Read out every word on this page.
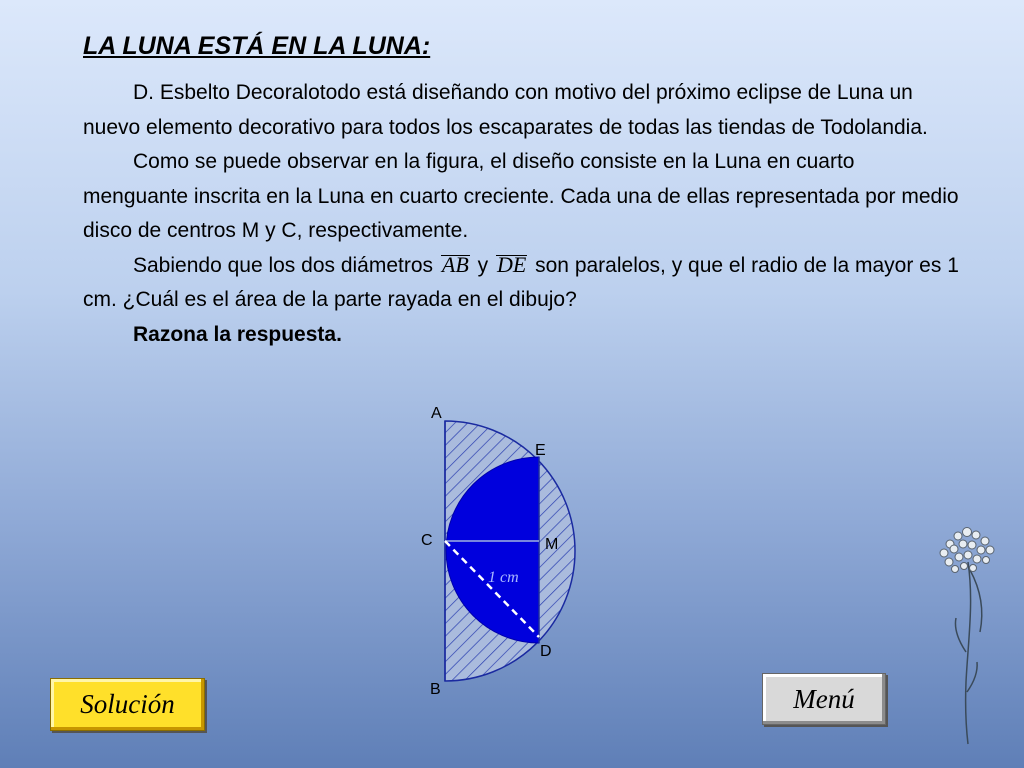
LA LUNA ESTÁ EN LA LUNA:

D. Esbelto Decoralotodo está diseñando con motivo del próximo eclipse de Luna un nuevo elemento decorativo para todos los escaparates de todas las tiendas de Todolandia.

Como se puede observar en la figura, el diseño consiste en la Luna en cuarto menguante inscrita en la Luna en cuarto creciente. Cada una de ellas representada por medio disco de centros M y C, respectivamente.

Sabiendo que los dos diámetros AB y DE son paralelos, y que el radio de la mayor es 1 cm. ¿Cuál es el área de la parte rayada en el dibujo?

Razona la respuesta.

1 cm
A
E
C	M
D
B
Solución	Menú
